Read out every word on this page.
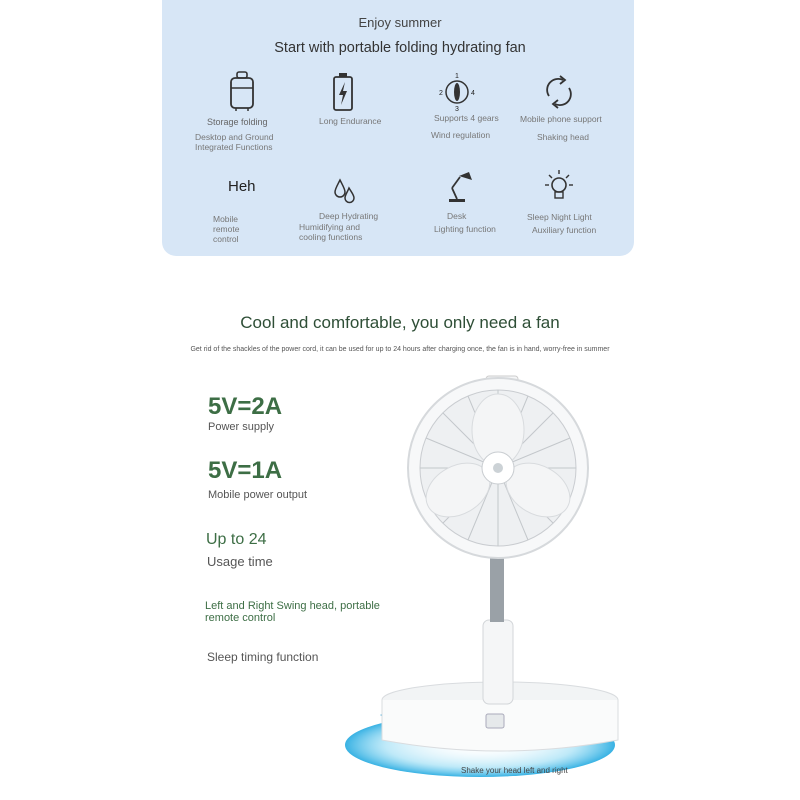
Enjoy summer
Start with portable folding hydrating fan
1
2
3
4
Storage folding
Desktop and Ground Integrated Functions
Long Endurance	Supports 4 gears
Wind regulation
Mobile phone support
Shaking head
Heh
Mobile remote control
Deep Hydrating
Humidifying and cooling functions
Desk
Lighting function
Sleep Night Light
Auxiliary function
Cool and comfortable, you only need a fan
Get rid of the shackles of the power cord, it can be used for up to 24 hours after charging once, the fan is in hand, worry-free in summer
5V=2A
Power supply
5V=1A
Mobile power output
Up to 24
Usage time
Left and Right Swing head, portable remote control
Sleep timing function
Shake your head left and right
